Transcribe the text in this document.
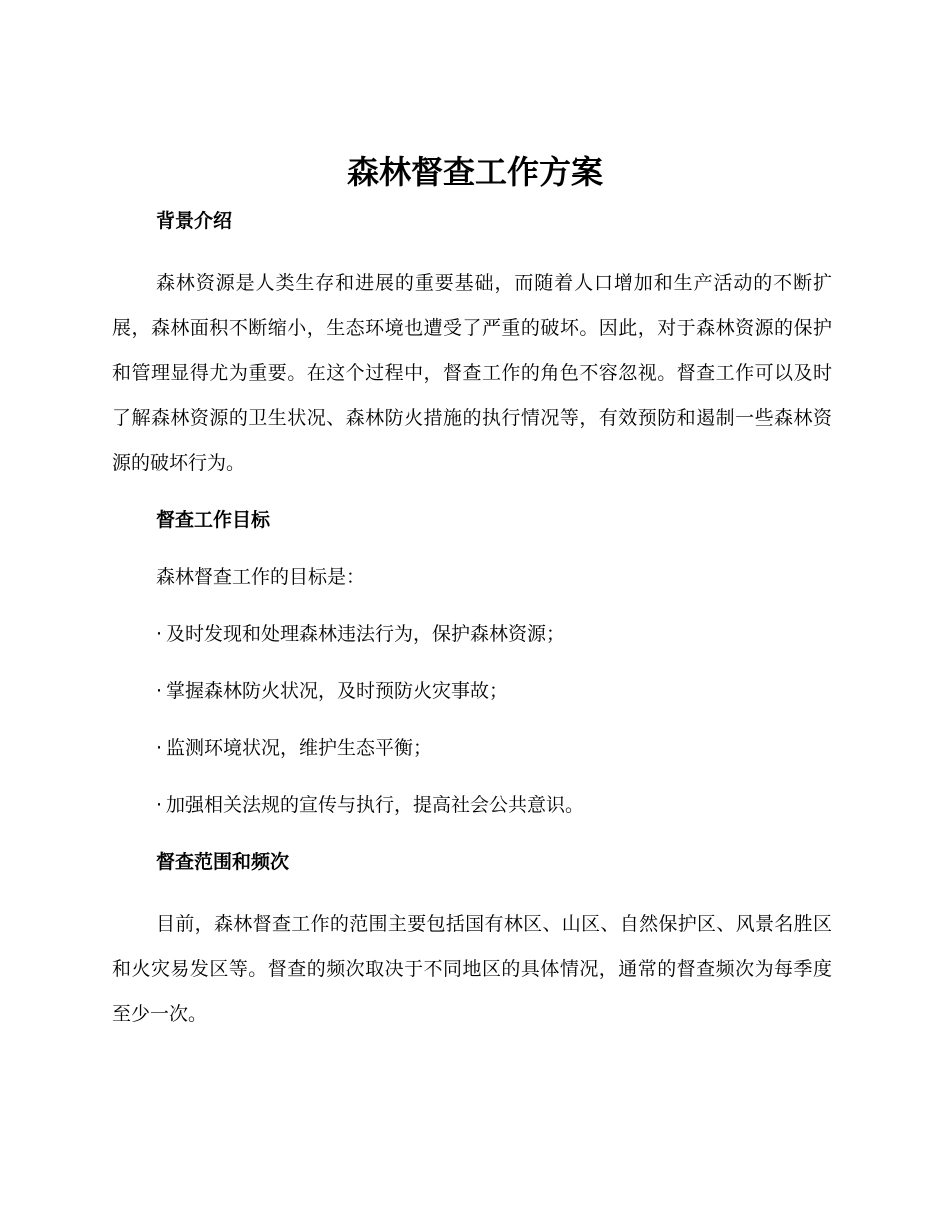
森林督查工作方案
背景介绍

森林资源是人类生存和进展的重要基础，而随着人口增加和生产活动的不断扩展，森林面积不断缩小，生态环境也遭受了严重的破坏。因此，对于森林资源的保护和管理显得尤为重要。在这个过程中，督查工作的角色不容忽视。督查工作可以及时了解森林资源的卫生状况、森林防火措施的执行情况等，有效预防和遏制一些森林资源的破坏行为。

督查工作目标

森林督查工作的目标是：

· 及时发现和处理森林违法行为，保护森林资源；
· 掌握森林防火状况，及时预防火灾事故；
· 监测环境状况，维护生态平衡；
· 加强相关法规的宣传与执行，提高社会公共意识。
督查范围和频次

目前，森林督查工作的范围主要包括国有林区、山区、自然保护区、风景名胜区和火灾易发区等。督查的频次取决于不同地区的具体情况，通常的督查频次为每季度至少一次。
